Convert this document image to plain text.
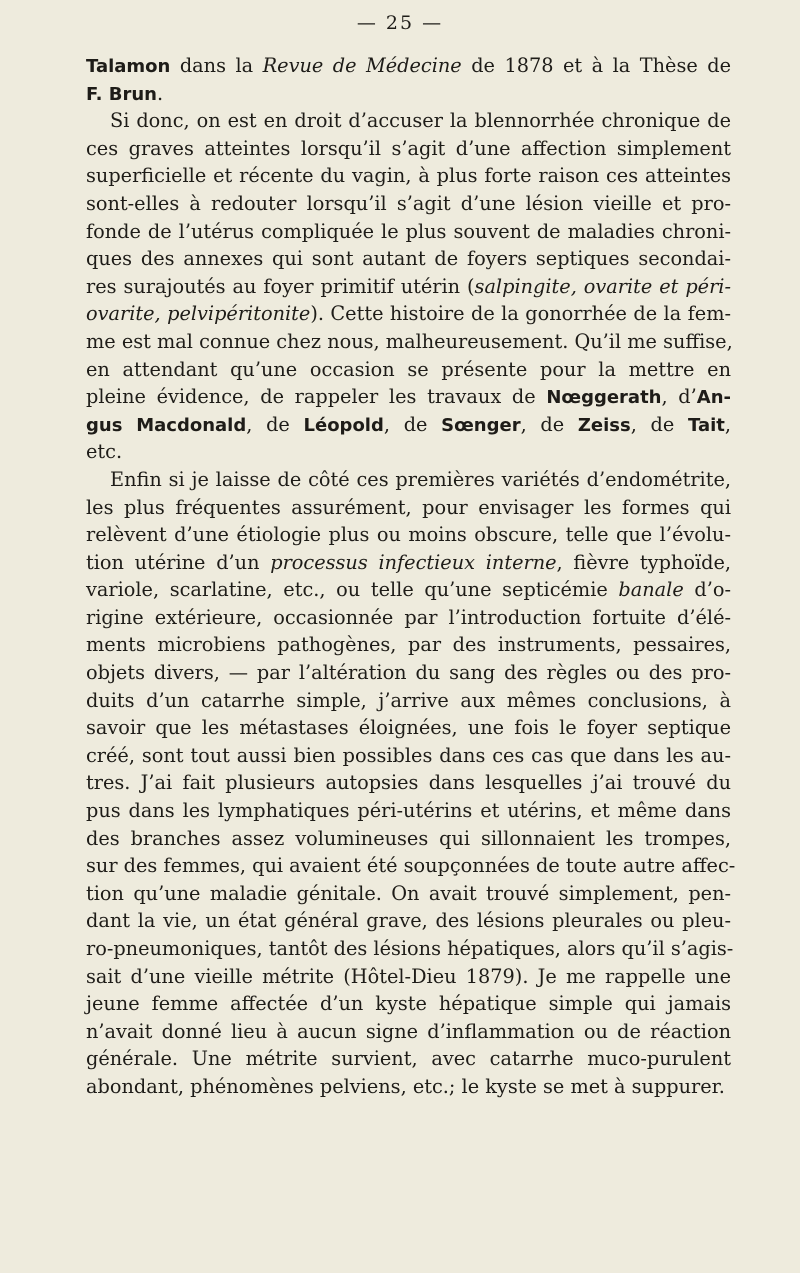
— 25 —
Talamon dans la Revue de Médecine de 1878 et à la Thèse de
F. Brun.
Si donc, on est en droit d’accuser la blennorrhée chronique de
ces graves atteintes lorsqu’il s’agit d’une affection simplement
superficielle et récente du vagin, à plus forte raison ces atteintes
sont-elles à redouter lorsqu’il s’agit d’une lésion vieille et pro-
fonde de l’utérus compliquée le plus souvent de maladies chroni-
ques des annexes qui sont autant de foyers septiques secondai-
res surajoutés au foyer primitif utérin (salpingite, ovarite et péri-
ovarite, pelvipéritonite). Cette histoire de la gonorrhée de la fem-
me est mal connue chez nous, malheureusement. Qu’il me suffise,
en attendant qu’une occasion se présente pour la mettre en
pleine évidence, de rappeler les travaux de Nœggerath, d’An-
gus Macdonald, de Léopold, de Sœnger, de Zeiss, de Tait,
etc.
Enfin si je laisse de côté ces premières variétés d’endométrite,
les plus fréquentes assurément, pour envisager les formes qui
relèvent d’une étiologie plus ou moins obscure, telle que l’évolu-
tion utérine d’un processus infectieux interne, fièvre typhoïde,
variole, scarlatine, etc., ou telle qu’une septicémie banale d’o-
rigine extérieure, occasionnée par l’introduction fortuite d’élé-
ments microbiens pathogènes, par des instruments, pessaires,
objets divers, — par l’altération du sang des règles ou des pro-
duits d’un catarrhe simple, j’arrive aux mêmes conclusions, à
savoir que les métastases éloignées, une fois le foyer septique
créé, sont tout aussi bien possibles dans ces cas que dans les au-
tres. J’ai fait plusieurs autopsies dans lesquelles j’ai trouvé du
pus dans les lymphatiques péri-utérins et utérins, et même dans
des branches assez volumineuses qui sillonnaient les trompes,
sur des femmes, qui avaient été soupçonnées de toute autre affec-
tion qu’une maladie génitale. On avait trouvé simplement, pen-
dant la vie, un état général grave, des lésions pleurales ou pleu-
ro-pneumoniques, tantôt des lésions hépatiques, alors qu’il s’agis-
sait d’une vieille métrite (Hôtel-Dieu 1879). Je me rappelle une
jeune femme affectée d’un kyste hépatique simple qui jamais
n’avait donné lieu à aucun signe d’inflammation ou de réaction
générale. Une métrite survient, avec catarrhe muco-purulent
abondant, phénomènes pelviens, etc.; le kyste se met à suppurer.
